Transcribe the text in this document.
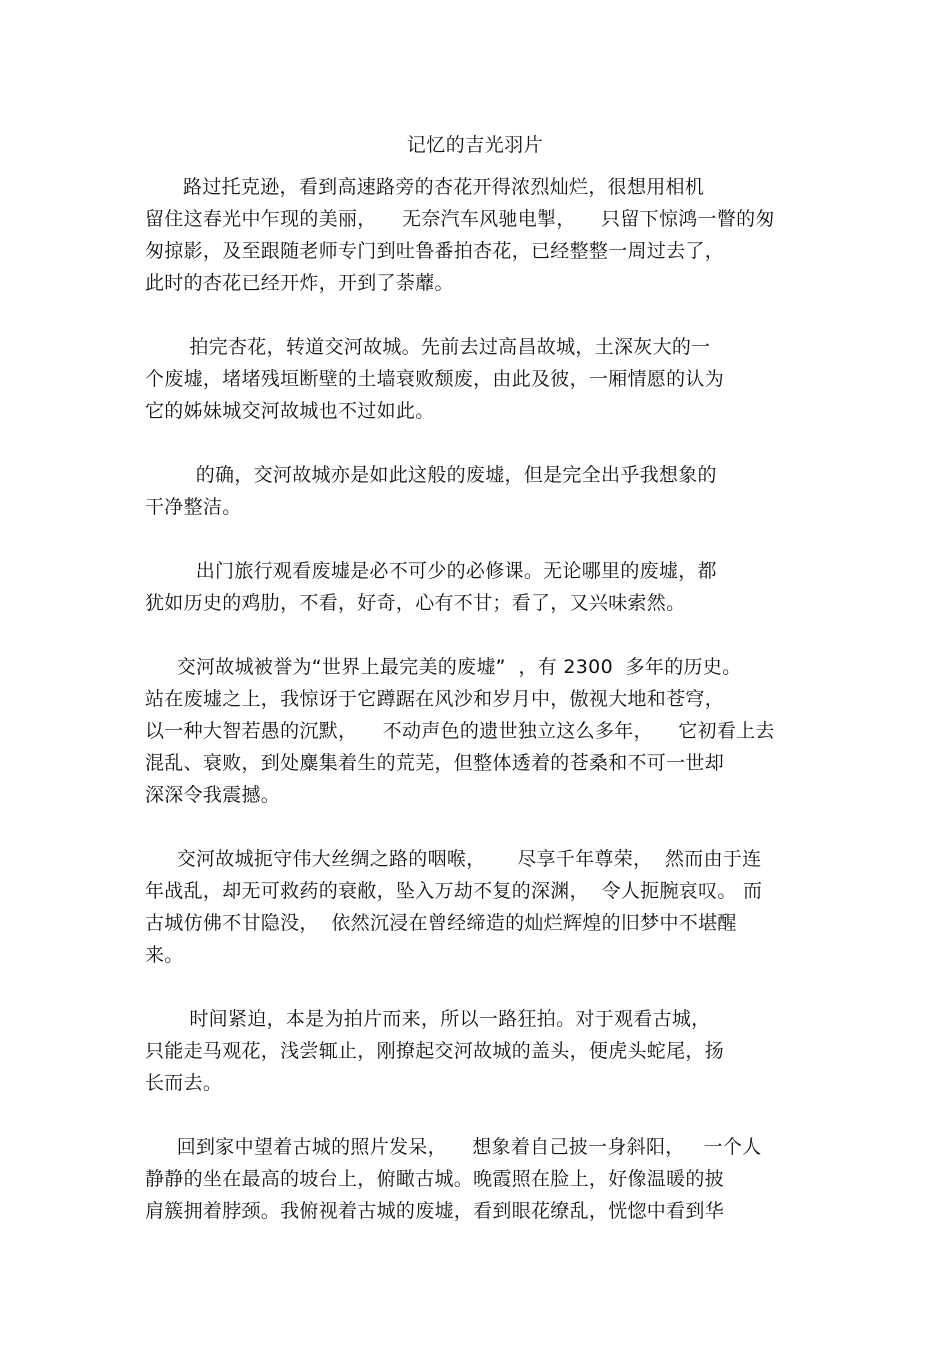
记忆的吉光羽片
路过托克逊，看到高速路旁的杏花开得浓烈灿烂，很想用相机
留住这春光中乍现的美丽，    无奈汽车风驰电掣，    只留下惊鸿一瞥的匆
匆掠影，及至跟随老师专门到吐鲁番拍杏花，已经整整一周过去了，
此时的杏花已经开炸，开到了荼蘼。
拍完杏花，转道交河故城。先前去过高昌故城，土深灰大的一
个废墟，堵堵残垣断壁的土墙衰败颓废，由此及彼，一厢情愿的认为
它的姊妹城交河故城也不过如此。
的确，交河故城亦是如此这般的废墟，但是完全出乎我想象的
干净整洁。
出门旅行观看废墟是必不可少的必修课。无论哪里的废墟，都
犹如历史的鸡肋，不看，好奇，心有不甘；看了，又兴味索然。
交河故城被誉为“世界上最完美的废墟”  ，有 2300  多年的历史。
站在废墟之上，我惊讶于它蹲踞在风沙和岁月中，傲视大地和苍穹，
以一种大智若愚的沉默，    不动声色的遗世独立这么多年，    它初看上去
混乱、衰败，到处麋集着生的荒芜，但整体透着的苍桑和不可一世却
深深令我震撼。
交河故城扼守伟大丝绸之路的咽喉，     尽享千年尊荣，  然而由于连
年战乱，却无可救药的衰敝，坠入万劫不复的深渊，  令人扼腕哀叹。 而
古城仿佛不甘隐没，  依然沉浸在曾经缔造的灿烂辉煌的旧梦中不堪醒
来。
时间紧迫，本是为拍片而来，所以一路狂拍。对于观看古城，
只能走马观花，浅尝辄止，刚撩起交河故城的盖头，便虎头蛇尾，扬
长而去。
回到家中望着古城的照片发呆，    想象着自己披一身斜阳，   一个人
静静的坐在最高的坡台上，俯瞰古城。晚霞照在脸上，好像温暖的披
肩簇拥着脖颈。我俯视着古城的废墟，看到眼花缭乱，恍惚中看到华
